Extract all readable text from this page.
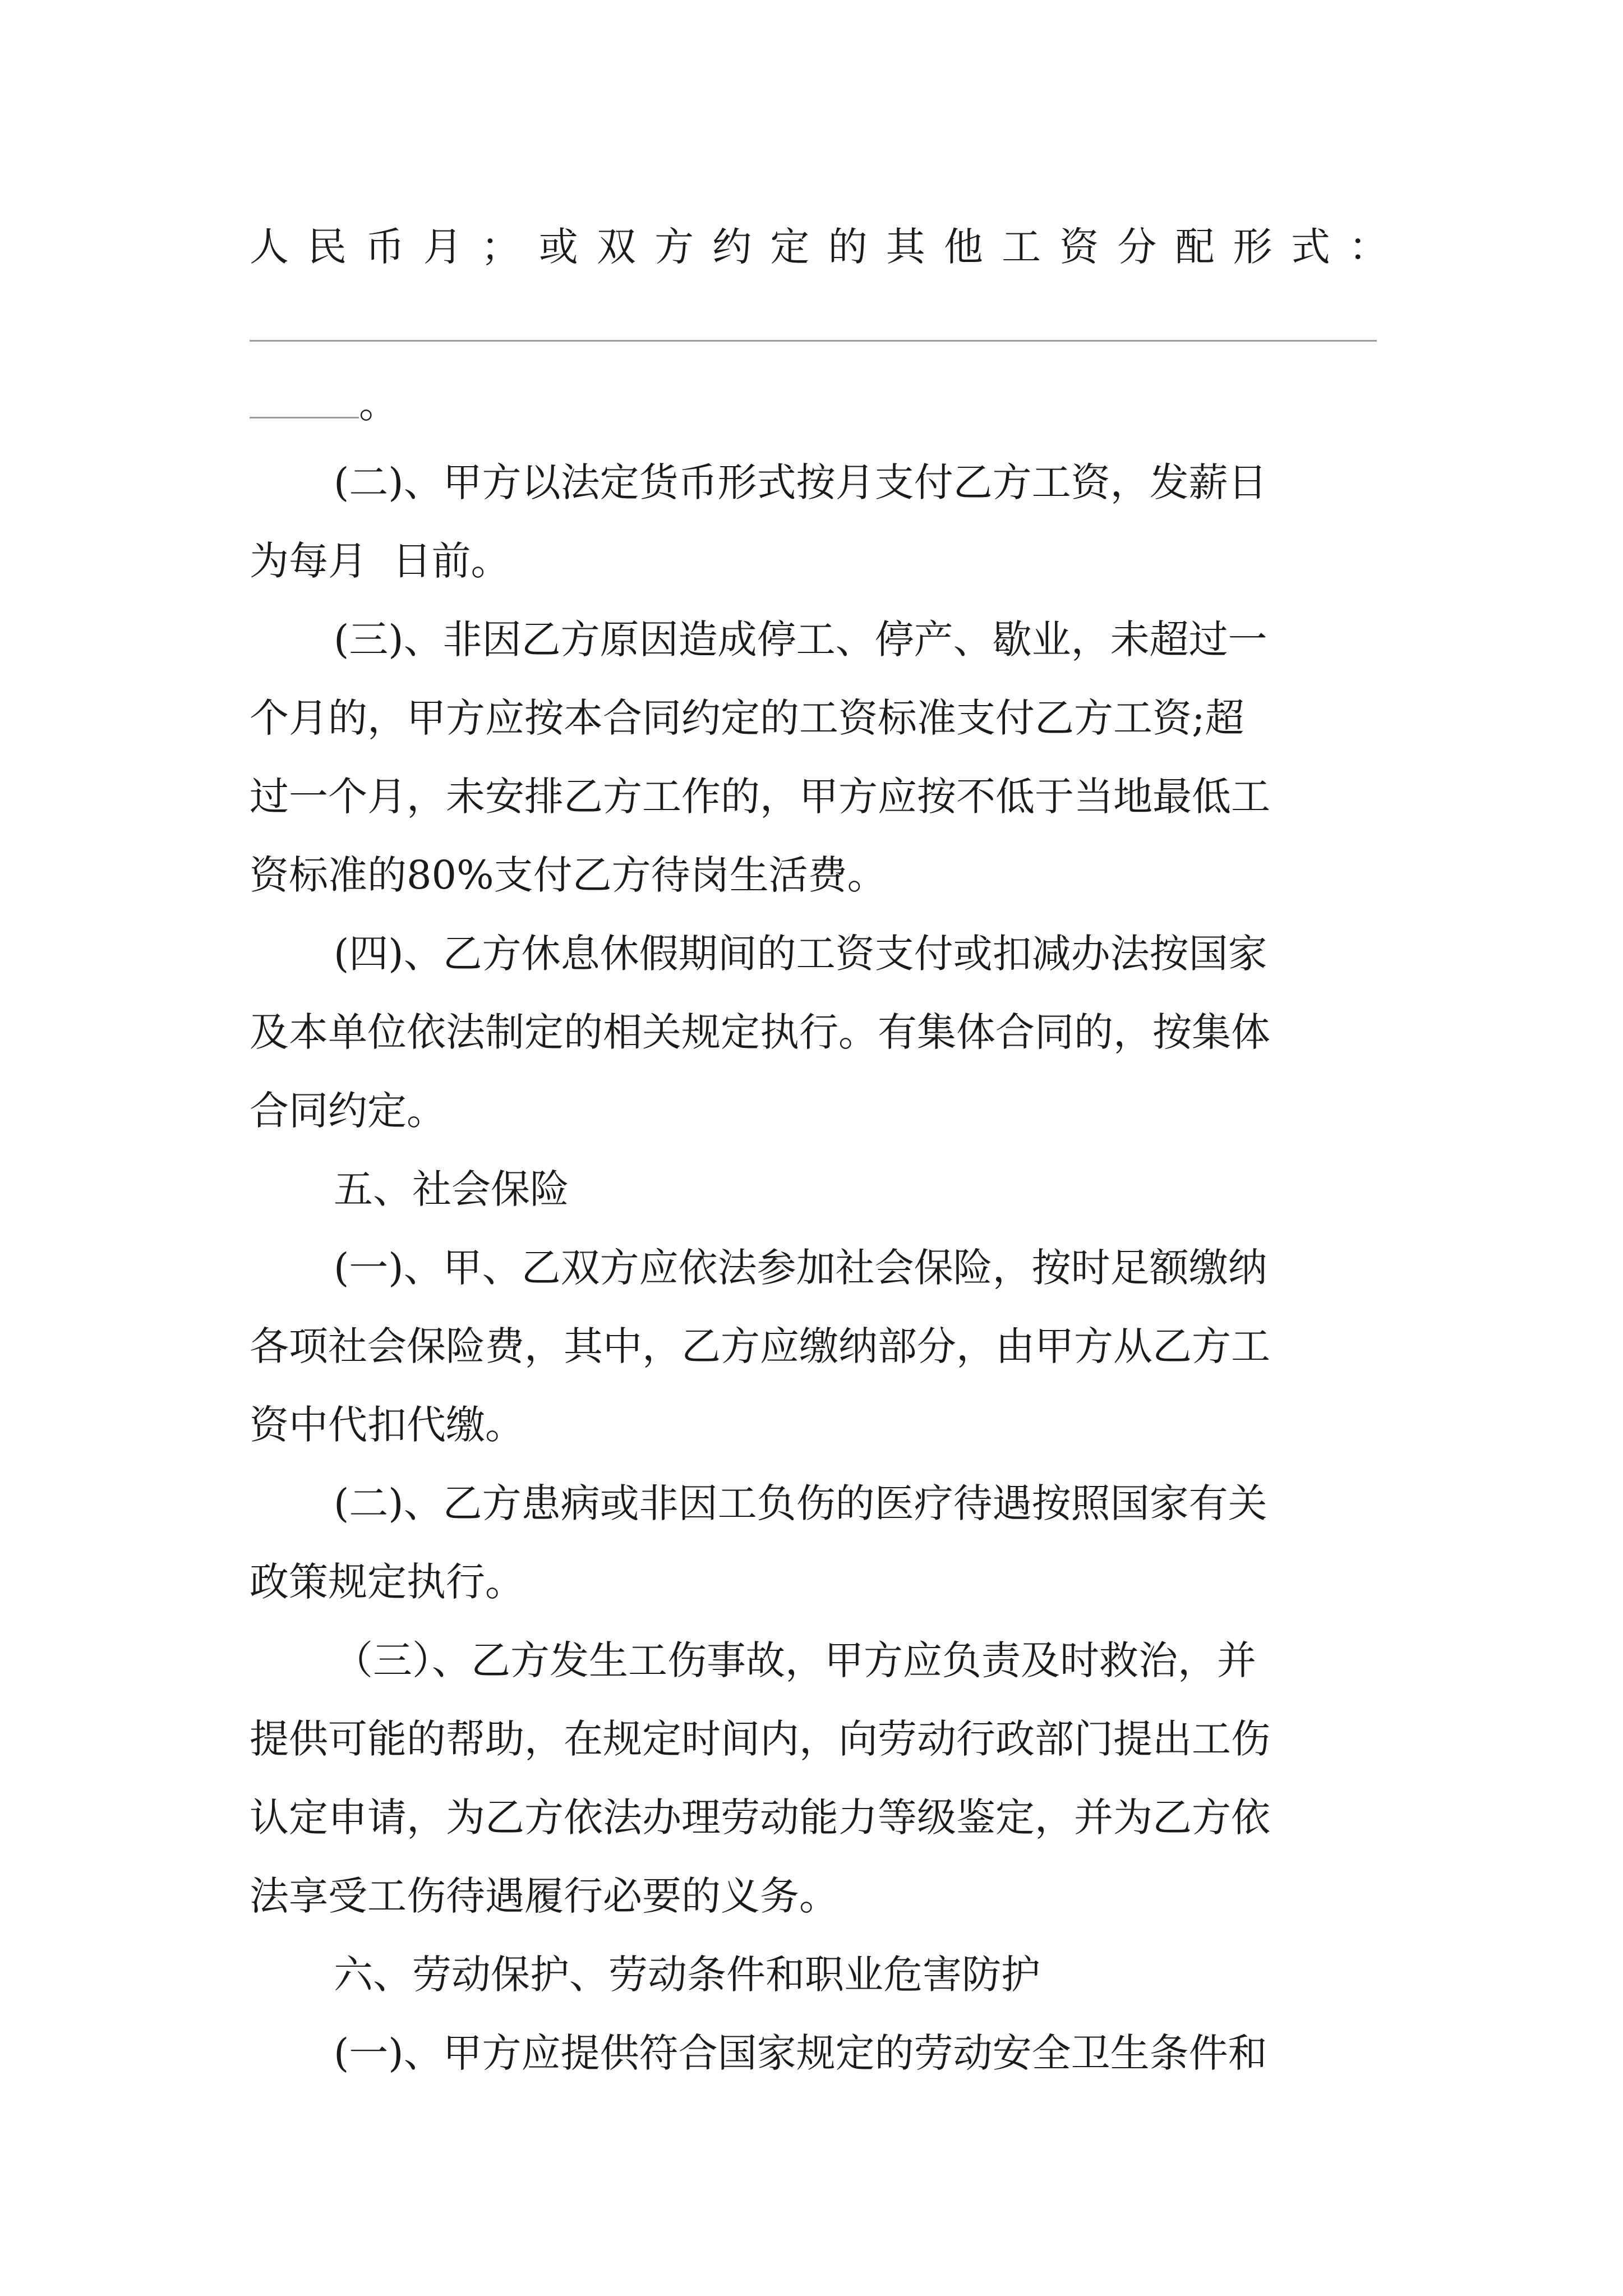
人 民 币 月 ； 或 双 方 约 定 的 其 他 工 资 分 配 形 式 ：
。
(二)、甲方以法定货币形式按月支付乙方工资，发薪日
为每月  日前。
(三)、非因乙方原因造成停工、停产、歇业，未超过一
个月的，甲方应按本合同约定的工资标准支付乙方工资;超
过一个月，未安排乙方工作的，甲方应按不低于当地最低工
资标准的80%支付乙方待岗生活费。
(四)、乙方休息休假期间的工资支付或扣减办法按国家
及本单位依法制定的相关规定执行。有集体合同的，按集体
合同约定。
五、社会保险
(一)、甲、乙双方应依法参加社会保险，按时足额缴纳
各项社会保险费，其中，乙方应缴纳部分，由甲方从乙方工
资中代扣代缴。
(二)、乙方患病或非因工负伤的医疗待遇按照国家有关
政策规定执行。
（三）、乙方发生工伤事故，甲方应负责及时救治，并
提供可能的帮助，在规定时间内，向劳动行政部门提出工伤
认定申请，为乙方依法办理劳动能力等级鉴定，并为乙方依
法享受工伤待遇履行必要的义务。
六、劳动保护、劳动条件和职业危害防护
(一)、甲方应提供符合国家规定的劳动安全卫生条件和
